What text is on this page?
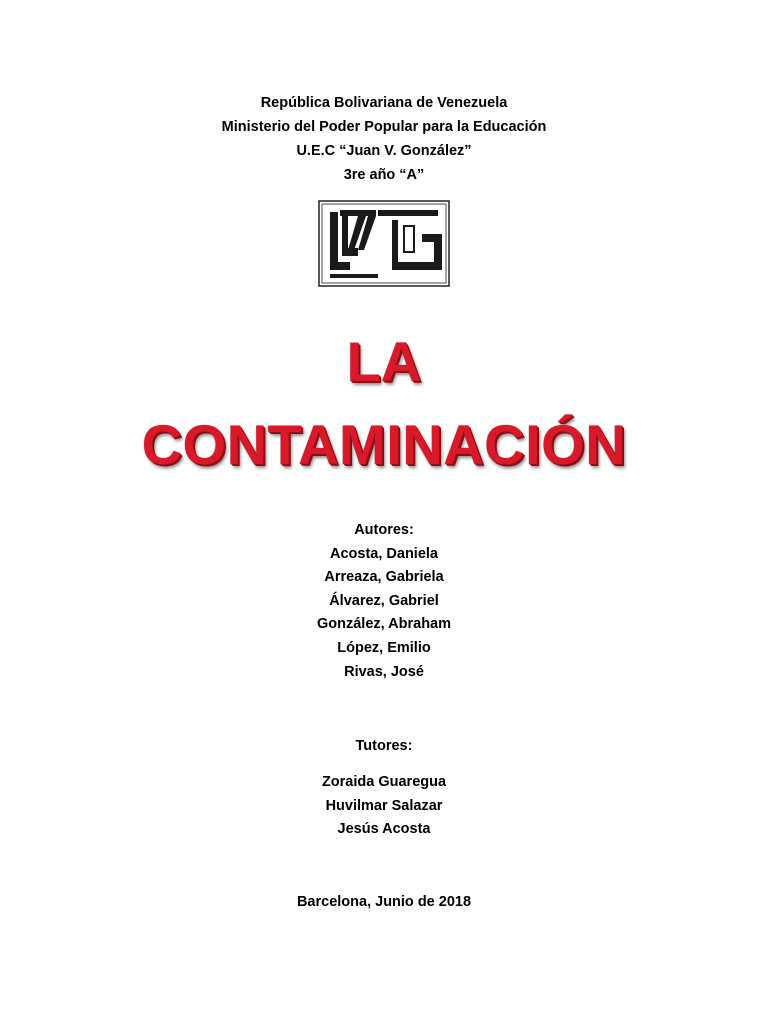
República Bolivariana de Venezuela
Ministerio del Poder Popular para la Educación
U.E.C “Juan V. González”
3re año “A”
LA
CONTAMINACIÓN
Autores:
Acosta, Daniela
Arreaza, Gabriela
Álvarez, Gabriel
González, Abraham
López, Emilio
Rivas, José
Tutores:
Zoraida Guaregua
Huvilmar Salazar
Jesús Acosta
Barcelona, Junio de 2018
